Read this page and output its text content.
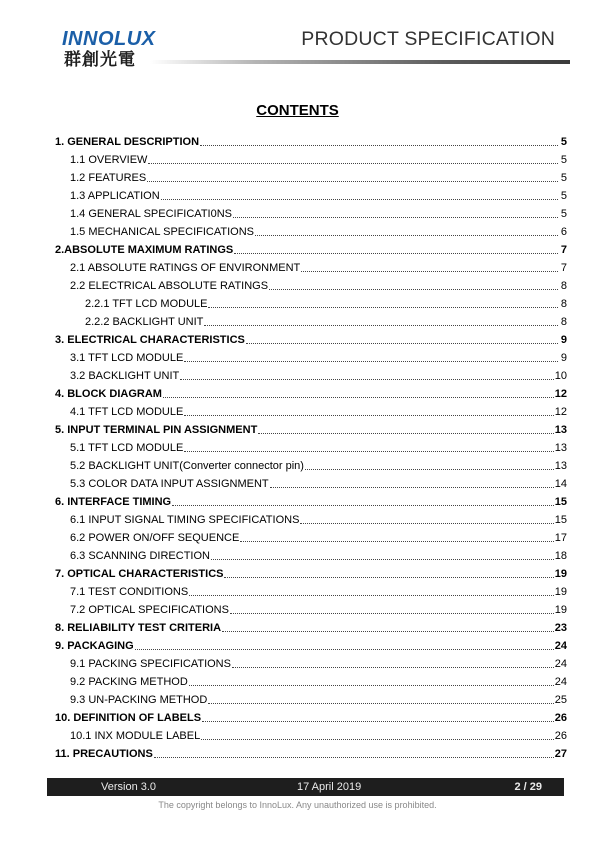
INNOLUX
群創光電
PRODUCT SPECIFICATION
CONTENTS
1. GENERAL DESCRIPTION	5
1.1 OVERVIEW	5
1.2 FEATURES	5
1.3 APPLICATION	5
1.4 GENERAL SPECIFICATI0NS	5
1.5 MECHANICAL SPECIFICATIONS	6
2.ABSOLUTE MAXIMUM RATINGS	7
2.1 ABSOLUTE RATINGS OF ENVIRONMENT	7
2.2 ELECTRICAL ABSOLUTE RATINGS	8
2.2.1 TFT LCD MODULE	8
2.2.2 BACKLIGHT UNIT	8
3. ELECTRICAL CHARACTERISTICS	9
3.1 TFT LCD MODULE	9
3.2 BACKLIGHT UNIT	10
4. BLOCK DIAGRAM	12
4.1 TFT LCD MODULE	12
5. INPUT TERMINAL PIN ASSIGNMENT	13
5.1 TFT LCD MODULE	13
5.2 BACKLIGHT UNIT(Converter connector pin)	13
5.3 COLOR DATA INPUT ASSIGNMENT	14
6. INTERFACE TIMING	15
6.1 INPUT SIGNAL TIMING SPECIFICATIONS	15
6.2 POWER ON/OFF SEQUENCE	17
6.3 SCANNING DIRECTION	18
7. OPTICAL CHARACTERISTICS	19
7.1 TEST CONDITIONS	19
7.2 OPTICAL SPECIFICATIONS	19
8. RELIABILITY TEST CRITERIA	23
9. PACKAGING	24
9.1 PACKING SPECIFICATIONS	24
9.2 PACKING METHOD	24
9.3 UN-PACKING METHOD	25
10. DEFINITION OF LABELS	26
10.1 INX MODULE LABEL	26
11. PRECAUTIONS	27
Version 3.0	17 April 2019	2 / 29
The copyright belongs to InnoLux. Any unauthorized use is prohibited.
